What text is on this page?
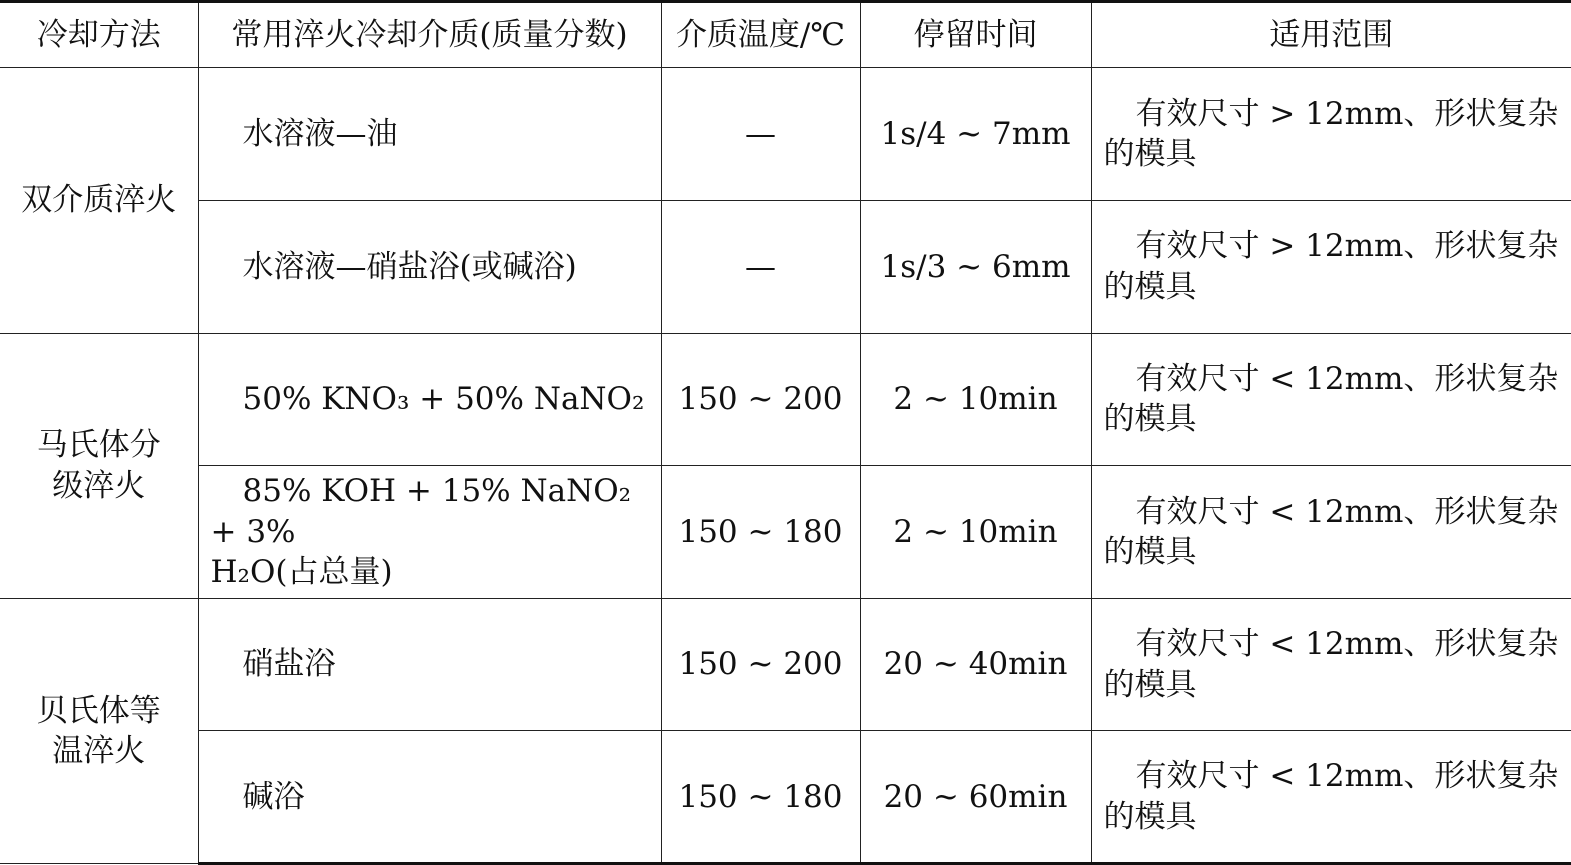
冷却方法	常用淬火冷却介质(质量分数)	介质温度/℃	停留时间	适用范围

双介质淬火	水溶液—油	—	1s/4 ~ 7mm	有效尺寸 > 12mm、形状复杂的模具
	水溶液—硝盐浴(或碱浴)	—	1s/3 ~ 6mm	有效尺寸 > 12mm、形状复杂的模具

马氏体分
级淬火	50% KNO₃ + 50% NaNO₂	150 ~ 200	2 ~ 10min	有效尺寸 < 12mm、形状复杂的模具
	85% KOH + 15% NaNO₂ + 3%
H₂O(占总量)	150 ~ 180	2 ~ 10min	有效尺寸 < 12mm、形状复杂的模具

贝氏体等
温淬火	硝盐浴	150 ~ 200	20 ~ 40min	有效尺寸 < 12mm、形状复杂的模具
	碱浴	150 ~ 180	20 ~ 60min	有效尺寸 < 12mm、形状复杂的模具
